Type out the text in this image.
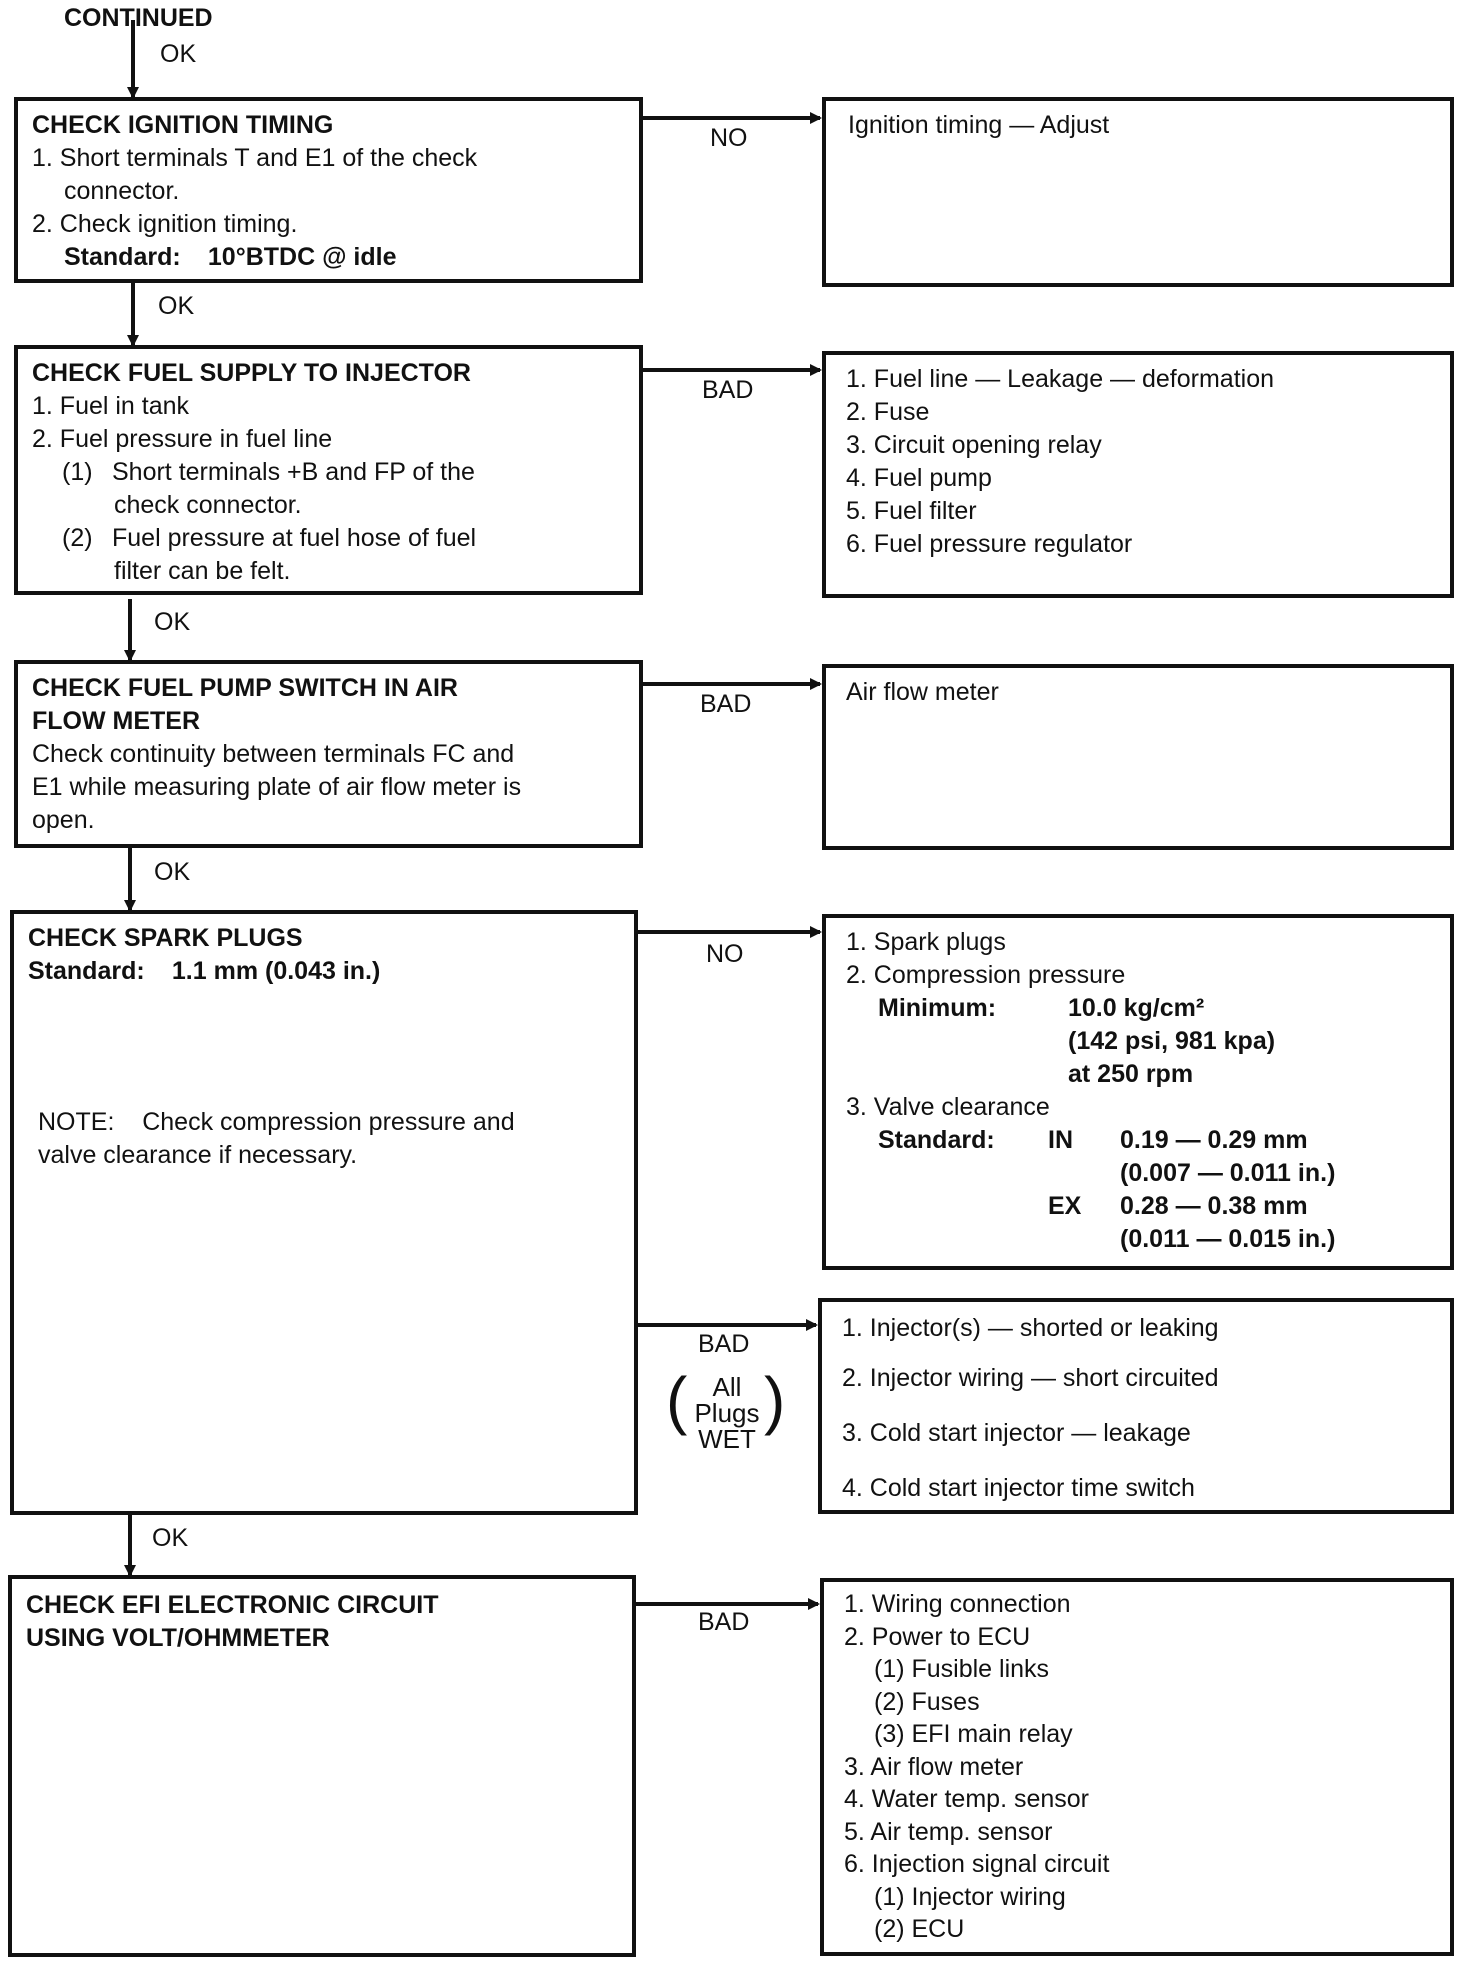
CONTINUED
OK
OK
OK
OK
OK
NO
BAD
BAD
NO
BAD
BAD

CHECK IGNITION TIMING

1. Short terminals T and E1 of the check

connector.

2. Check ignition timing.

Standard: 10°BTDC @ idle

Ignition timing — Adjust

CHECK FUEL SUPPLY TO INJECTOR

1. Fuel in tank

2. Fuel pressure in fuel line

(1) Short terminals +B and FP of the

check connector.

(2) Fuel pressure at fuel hose of fuel

filter can be felt.

1. Fuel line — Leakage — deformation

2. Fuse

3. Circuit opening relay

4. Fuel pump

5. Fuel filter

6. Fuel pressure regulator

CHECK FUEL PUMP SWITCH IN AIR

FLOW METER

Check continuity between terminals FC and

E1 while measuring plate of air flow meter is

open.

Air flow meter

CHECK SPARK PLUGS

Standard: 1.1 mm (0.043 in.)

NOTE: Check compression pressure and

valve clearance if necessary.

1. Spark plugs

2. Compression pressure

Minimum:	10.0 kg/cm²

(142 psi, 981 kpa)

at 250 rpm

3. Valve clearance

Standard: IN 0.19 — 0.29 mm

(0.007 — 0.011 in.)

EX 0.28 — 0.38 mm

(0.011 — 0.015 in.)

( )
All
Plugs
WET

1. Injector(s) — shorted or leaking

2. Injector wiring — short circuited

3. Cold start injector — leakage

4. Cold start injector time switch

CHECK EFI ELECTRONIC CIRCUIT

USING VOLT/OHMMETER

1. Wiring connection

2. Power to ECU

(1) Fusible links

(2) Fuses

(3) EFI main relay

3. Air flow meter

4. Water temp. sensor

5. Air temp. sensor

6. Injection signal circuit

(1) Injector wiring

(2) ECU
